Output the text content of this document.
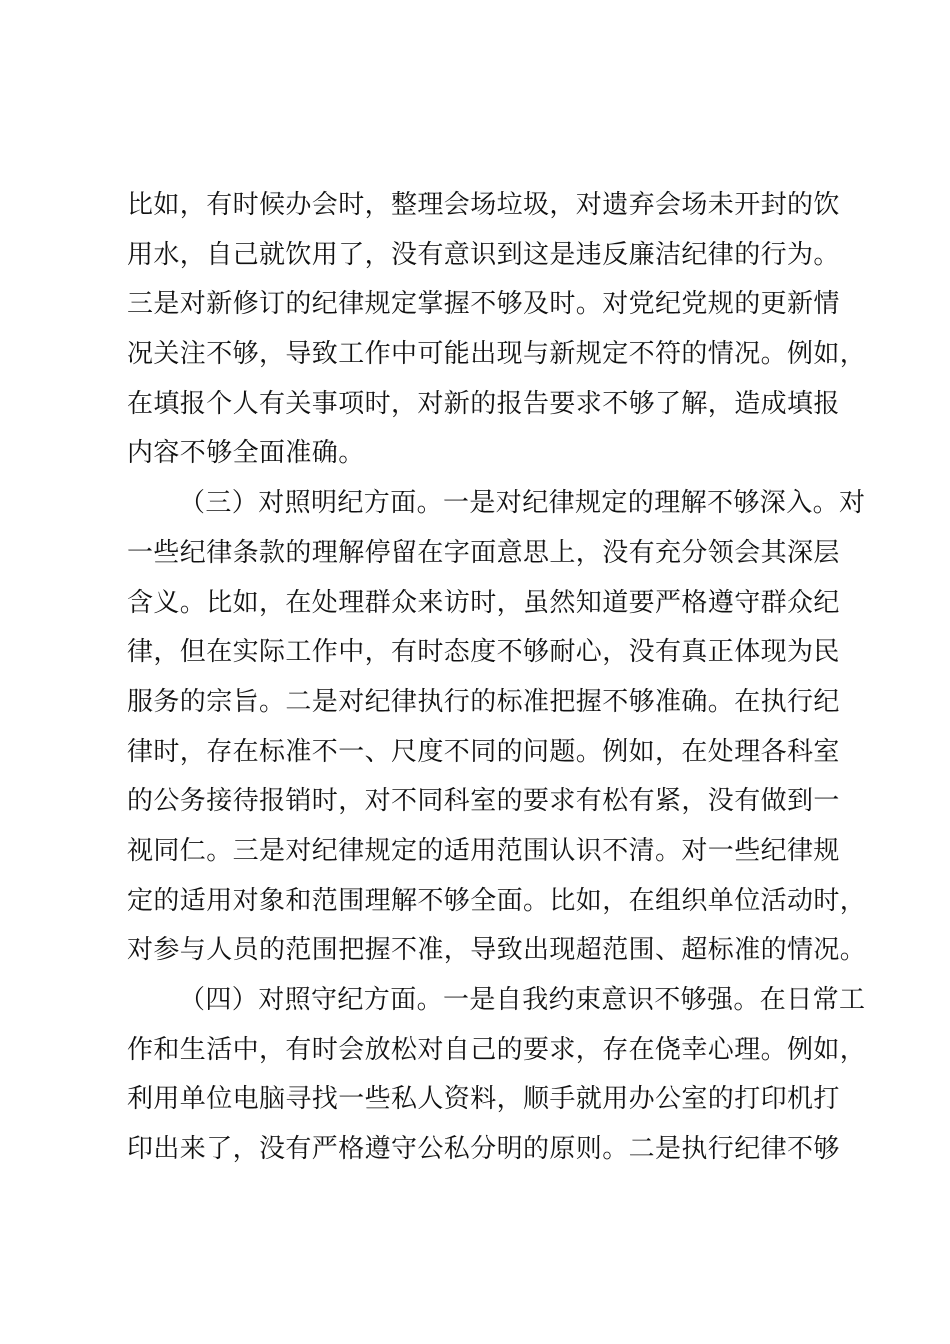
比如，有时候办会时，整理会场垃圾，对遗弃会场未开封的饮
用水，自己就饮用了，没有意识到这是违反廉洁纪律的行为。
三是对新修订的纪律规定掌握不够及时。对党纪党规的更新情
况关注不够，导致工作中可能出现与新规定不符的情况。例如，
在填报个人有关事项时，对新的报告要求不够了解，造成填报
内容不够全面准确。
（三）对照明纪方面。一是对纪律规定的理解不够深入。对
一些纪律条款的理解停留在字面意思上，没有充分领会其深层
含义。比如，在处理群众来访时，虽然知道要严格遵守群众纪
律，但在实际工作中，有时态度不够耐心，没有真正体现为民
服务的宗旨。二是对纪律执行的标准把握不够准确。在执行纪
律时，存在标准不一、尺度不同的问题。例如，在处理各科室
的公务接待报销时，对不同科室的要求有松有紧，没有做到一
视同仁。三是对纪律规定的适用范围认识不清。对一些纪律规
定的适用对象和范围理解不够全面。比如，在组织单位活动时，
对参与人员的范围把握不准，导致出现超范围、超标准的情况。
（四）对照守纪方面。一是自我约束意识不够强。在日常工
作和生活中，有时会放松对自己的要求，存在侥幸心理。例如，
利用单位电脑寻找一些私人资料，顺手就用办公室的打印机打
印出来了，没有严格遵守公私分明的原则。二是执行纪律不够
